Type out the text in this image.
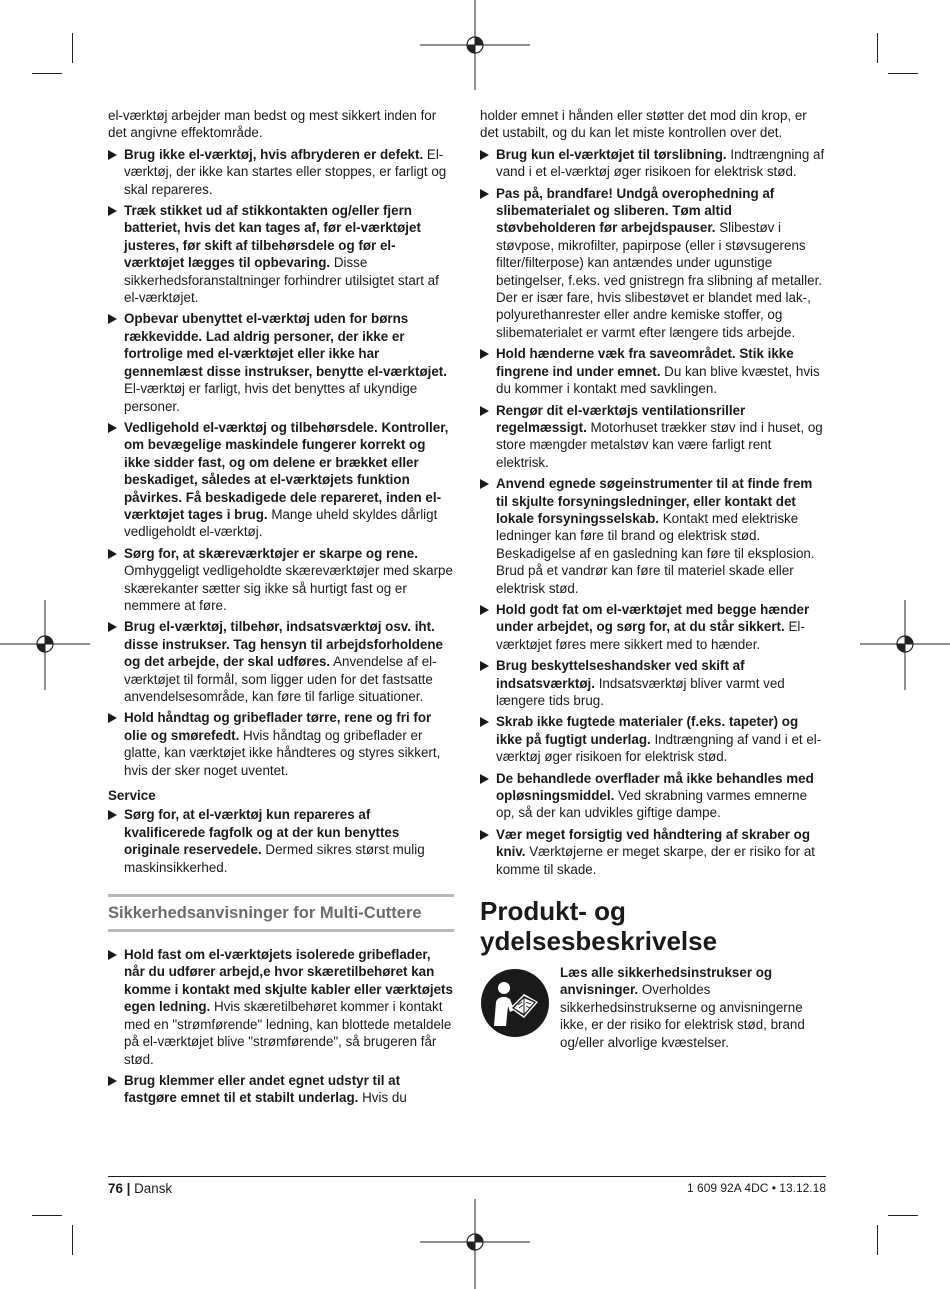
el-værktøj arbejder man bedst og mest sikkert inden for det angivne effektområde.

Brug ikke el-værktøj, hvis afbryderen er defekt. El-værktøj, der ikke kan startes eller stoppes, er farligt og skal repareres.
Træk stikket ud af stikkontakten og/eller fjern batteriet, hvis det kan tages af, før el-værktøjet justeres, før skift af tilbehørsdele og før el-værktøjet lægges til opbevaring. Disse sikkerhedsforanstaltninger forhindrer utilsigtet start af el-værktøjet.
Opbevar ubenyttet el-værktøj uden for børns rækkevidde. Lad aldrig personer, der ikke er fortrolige med el-værktøjet eller ikke har gennemlæst disse instrukser, benytte el-værktøjet. El-værktøj er farligt, hvis det benyttes af ukyndige personer.
Vedligehold el-værktøj og tilbehørsdele. Kontroller, om bevægelige maskindele fungerer korrekt og ikke sidder fast, og om delene er brækket eller beskadiget, således at el-værktøjets funktion påvirkes. Få beskadigede dele repareret, inden el-værktøjet tages i brug. Mange uheld skyldes dårligt vedligeholdt el-værktøj.
Sørg for, at skæreværktøjer er skarpe og rene. Omhyggeligt vedligeholdte skæreværktøjer med skarpe skærekanter sætter sig ikke så hurtigt fast og er nemmere at føre.
Brug el-værktøj, tilbehør, indsatsværktøj osv. iht. disse instrukser. Tag hensyn til arbejdsforholdene og det arbejde, der skal udføres. Anvendelse af el-værktøjet til formål, som ligger uden for det fastsatte anvendelsesområde, kan føre til farlige situationer.
Hold håndtag og gribeflader tørre, rene og fri for olie og smørefedt. Hvis håndtag og gribeflader er glatte, kan værktøjet ikke håndteres og styres sikkert, hvis der sker noget uventet.
Service
Sørg for, at el-værktøj kun repareres af kvalificerede fagfolk og at der kun benyttes originale reservedele. Dermed sikres størst mulig maskinsikkerhed.
Sikkerhedsanvisninger for Multi-Cuttere
Hold fast om el-værktøjets isolerede gribeflader, når du udfører arbejd,e hvor skæretilbehøret kan komme i kontakt med skjulte kabler eller værktøjets egen ledning. Hvis skæretilbehøret kommer i kontakt med en "strømførende" ledning, kan blottede metaldele på el-værktøjet blive "strømførende", så brugeren får stød.
Brug klemmer eller andet egnet udstyr til at fastgøre emnet til et stabilt underlag. Hvis du

holder emnet i hånden eller støtter det mod din krop, er det ustabilt, og du kan let miste kontrollen over det.

Brug kun el-værktøjet til tørslibning. Indtrængning af vand i et el-værktøj øger risikoen for elektrisk stød.
Pas på, brandfare! Undgå overophedning af slibematerialet og sliberen. Tøm altid støvbeholderen før arbejdspauser. Slibestøv i støvpose, mikrofilter, papirpose (eller i støvsugerens filter/filterpose) kan antændes under ugunstige betingelser, f.eks. ved gnistregn fra slibning af metaller. Der er især fare, hvis slibestøvet er blandet med lak-, polyurethanrester eller andre kemiske stoffer, og slibematerialet er varmt efter længere tids arbejde.
Hold hænderne væk fra saveområdet. Stik ikke fingrene ind under emnet. Du kan blive kvæstet, hvis du kommer i kontakt med savklingen.
Rengør dit el-værktøjs ventilationsriller regelmæssigt. Motorhuset trækker støv ind i huset, og store mængder metalstøv kan være farligt rent elektrisk.
Anvend egnede søgeinstrumenter til at finde frem til skjulte forsyningsledninger, eller kontakt det lokale forsyningsselskab. Kontakt med elektriske ledninger kan føre til brand og elektrisk stød. Beskadigelse af en gasledning kan føre til eksplosion. Brud på et vandrør kan føre til materiel skade eller elektrisk stød.
Hold godt fat om el-værktøjet med begge hænder under arbejdet, og sørg for, at du står sikkert. El-værktøjet føres mere sikkert med to hænder.
Brug beskyttelseshandsker ved skift af indsatsværktøj. Indsatsværktøj bliver varmt ved længere tids brug.
Skrab ikke fugtede materialer (f.eks. tapeter) og ikke på fugtigt underlag. Indtrængning af vand i et el-værktøj øger risikoen for elektrisk stød.
De behandlede overflader må ikke behandles med opløsningsmiddel. Ved skrabning varmes emnerne op, så der kan udvikles giftige dampe.
Vær meget forsigtig ved håndtering af skraber og kniv. Værktøjerne er meget skarpe, der er risiko for at komme til skade.
Produkt- og ydelsesbeskrivelse
Læs alle sikkerhedsinstrukser og anvisninger. Overholdes sikkerhedsinstrukserne og anvisningerne ikke, er der risiko for elektrisk stød, brand og/eller alvorlige kvæstelser.
76 | Dansk	1 609 92A 4DC • 13.12.18
